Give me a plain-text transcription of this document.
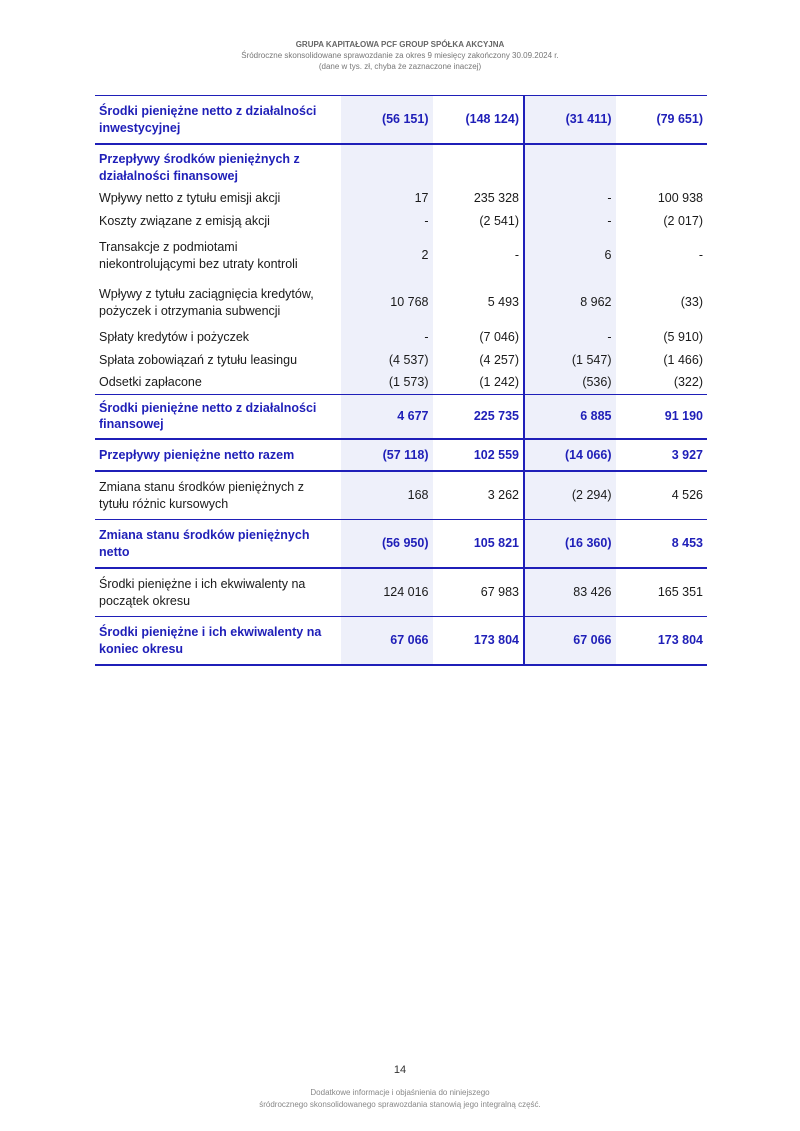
GRUPA KAPITAŁOWA PCF GROUP SPÓŁKA AKCYJNA
Śródroczne skonsolidowane sprawozdanie za okres 9 miesięcy zakończony 30.09.2024 r.
(dane w tys. zł, chyba że zaznaczone inaczej)
Środki pieniężne netto z działalności inwestycyjnej	(56 151)	(148 124)	(31 411)	(79 651)
Przepływy środków pieniężnych z działalności finansowej				
Wpływy netto z tytułu emisji akcji	17	235 328	-	100 938
Koszty związane z emisją akcji	-	(2 541)	-	(2 017)
Transakcje z podmiotami niekontrolującymi bez utraty kontroli	2	-	6	-
Wpływy z tytułu zaciągnięcia kredytów, pożyczek i otrzymania subwencji	10 768	5 493	8 962	(33)
Spłaty kredytów i pożyczek	-	(7 046)	-	(5 910)
Spłata zobowiązań z tytułu leasingu	(4 537)	(4 257)	(1 547)	(1 466)
Odsetki zapłacone	(1 573)	(1 242)	(536)	(322)
Środki pieniężne netto z działalności finansowej	4 677	225 735	6 885	91 190
Przepływy pieniężne netto razem	(57 118)	102 559	(14 066)	3 927
Zmiana stanu środków pieniężnych z tytułu różnic kursowych	168	3 262	(2 294)	4 526
Zmiana stanu środków pieniężnych netto	(56 950)	105 821	(16 360)	8 453
Środki pieniężne i ich ekwiwalenty na początek okresu	124 016	67 983	83 426	165 351
Środki pieniężne i ich ekwiwalenty na koniec okresu	67 066	173 804	67 066	173 804
14
Dodatkowe informacje i objaśnienia do niniejszego
śródrocznego skonsolidowanego sprawozdania stanowią jego integralną część.
